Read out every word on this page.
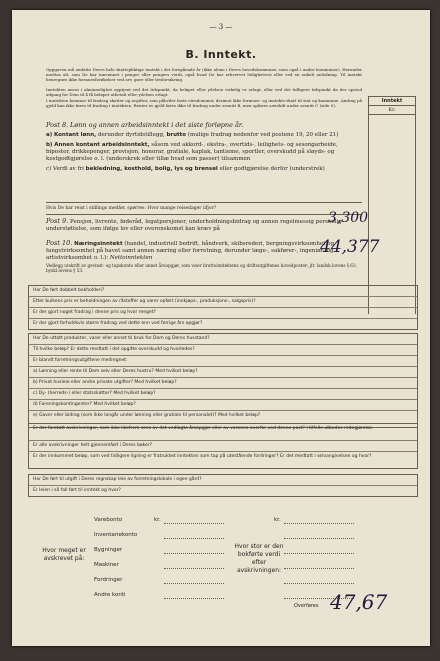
— 3 —
B. Inntekt.
Oppgaven må omfatte Deres hele skattepliktige inntekt i det foregående år (ikke alene i Deres hovedskommune, men også i andre kommuner). Herunder medtas alt, som De har innvunnet i penger eller pengers verdi, også hvad De har erhvervet leilighetsvis eller ved en enkelt anledning. Til inntekt henregnes ikke formuesforøkelser ved arv, gave eller livsforsikring.
Inntekten anses i alminnelighet opptjent ved det tidspunkt, da beløpet eller ydelsen virkelig er erlagt, eller ved det tidligere tidspunkt da der opstod adgang for Dem til å få beløpet utbetalt eller ydelsen erlagt.
I inntekten kommer til fradrag skatter og avgifter, som påhviler faste eiendommer, derimot ikke formues- og inntekts-skatt til stat og kommune. Andrag på gjeld kan ikke føres til fradrag i inntekten. Renter av gjeld føres ikke til fradrag under avsnitt B, men opføres særskilt under avsnitt C (side 5).
Inntekt
Kr.
Post 8. Lønn og annen arbeidsinntekt i det siste forløpne år.
a) Kontant lønn, derunder dyrtidstillegg, brutto (mulige fradrag nedenfor ved postene 19, 20 eller 21)
b) Annen kontant arbeidsinntekt, såsom ved akkord-, ekstra-, overtids-, leilighets- og sesongarbeide, biposter, drikkepenger, provisjon, honorar, gratiale, kaplak, tantieme, sportler, overskudd på sløyds- og kostgodtgjørelse o. l. (underskrek eller tillæ hvad som passer) tilsammen
c) Verdi av fri bekledning, kosthold, bolig, lys og brensel eller godtgjørelse derfor (understrek)
Hvis De har reist i stillings medfør, spørres: Hvor mange reisedager iifjor?
Post 9. Pensjon, livrente, føderåd, legatporsjoner, underholdningsbidrag og annen regelmessig personlig understøttelse, som ifølge lov eller overenskomst kan kræv på
3,300
Post 10. Næringsinntekt (handel, industriell bedrift, håndverk, skibsrederi, bergningsvirksomhet og fangstvirksomhet på havet samt annen næring eller forretning, derunder læge-, sakfører-, ingeniør- og artistvirksomhet o. l.): Nettoinntekten
Vedlegg utskrift av gevinst- og tapskonto eller annet årsopgjør, som viser bruttoinntektens og driftsutgiftenes hovedposter; jfr. landsk.lovens § 63, byskl.lovens § 53.
44,377
Har De ført dobbelt bokholderi?
Etter bulkens pris er beholdningen av råstoffer og varer opført (innkjøps-, produksjons-, salgspris)?
Er der gjort noget fradrag i denne pris og hvor meget?
Er der gjort forholdsvis større fradrag ved dette enn ved forrige års opgjør?
Har De uttatt produkter, varer eller annet til bruk for Dem og Deres husstand?
Til hvilke beløp? Er dette medtatt i det opgitte overskudd og hvorledes?
Er blandt forretningsutgiftene medregnet:
a) Lønning eller rente til Dem selv eller Deres hustru? Med hvilket beløp?
b) Privat husleie eller andre private utgifter? Med hvilket beløp?
c) Dy- (herreds-) eller statsskatter? Med hvilket beløp?
d) Foreningskontingenter? Med hvilket beløp?
e) Gaver eller bidrag (som ikke longår under lønning eller gratiale til personalet)? Med hvilket beløp?
Er der foretatt avskrivninger, som ikke likefrem sees av det vedlagte årsopgjør eller av vareene overfor ved denne post? I tilfelle utbedes redegjørelse.
Er alle avskrivninger helt gjennemført i Deres bøker?
Er der innkommet beløp, som ved tidligere ligning er fratrukket inntekten som tap på utestående fordringer? Er det medtatt i selvangivelsen og hvor?
Har De ført til utgift i Deres regnskap leie av forretningslokale i egen gård?
Er leien i så fall ført til inntekt og hvor?
Hvor meget er avskrevet på:
Varebonto
Inventariekonto
Bygninger
Maskiner
Fordringer
Andre konti
kr.
Hvor stor er den bokførte verdi efter avskrivningen:
kr.
Overføres 47,67
